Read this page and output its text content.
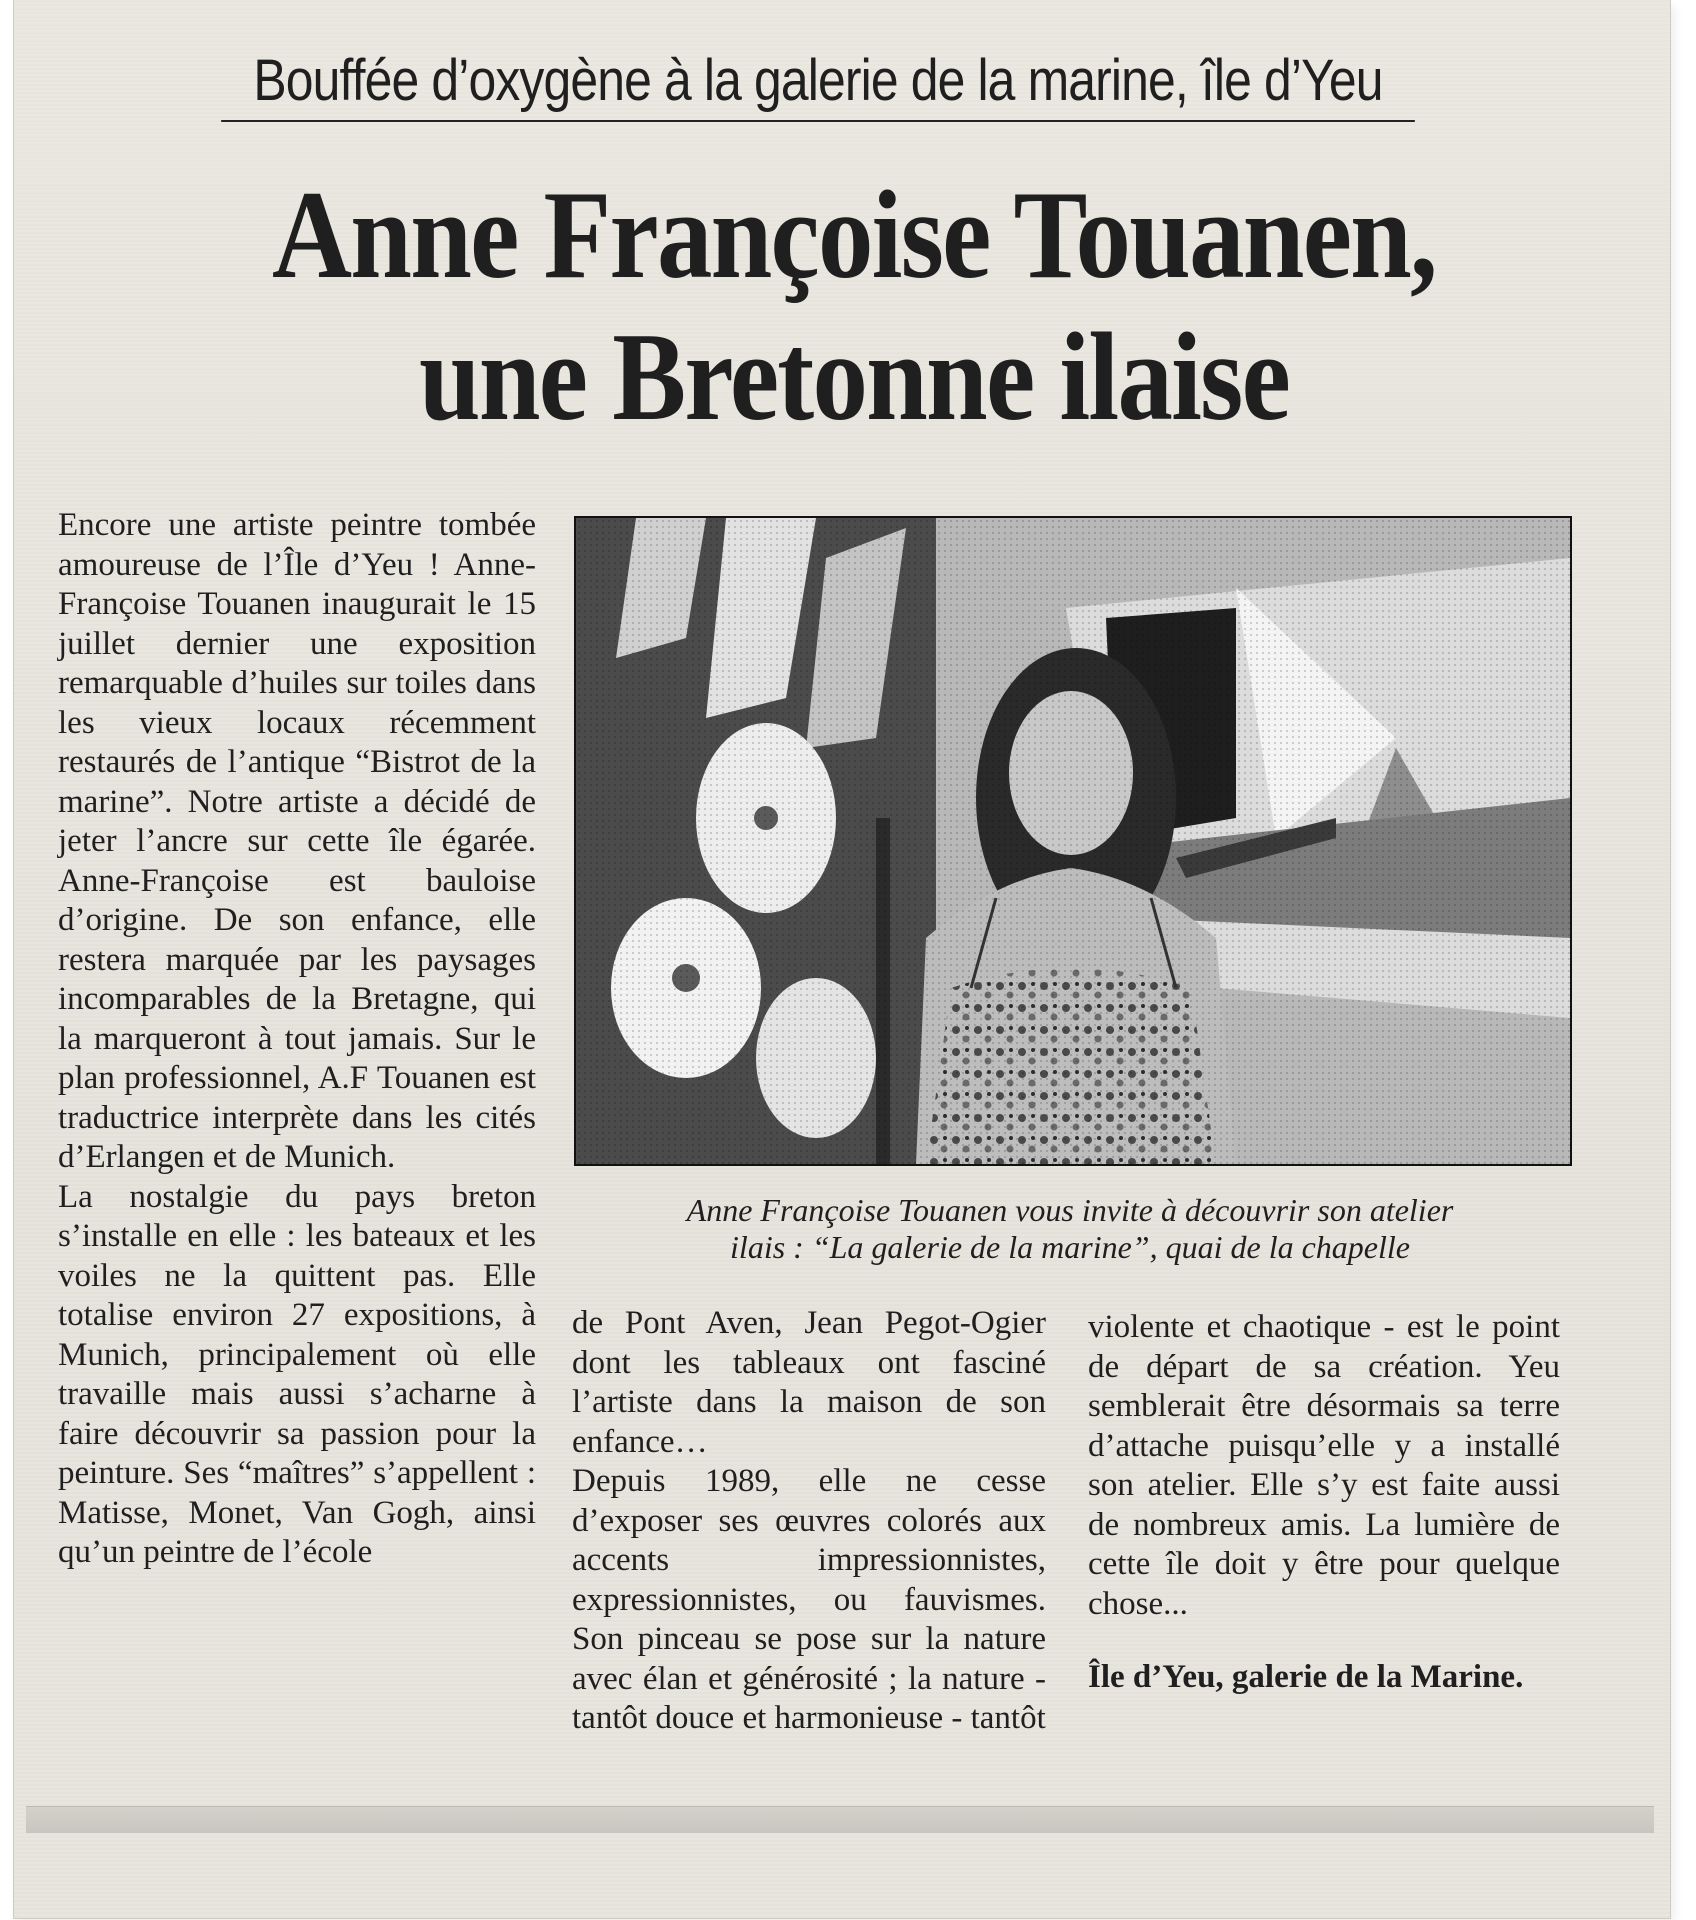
Bouffée d’oxygène à la galerie de la marine, île d’Yeu
Anne Françoise Touanen,
une Bretonne ilaise

Encore une artiste peintre tombée amoureuse de l’Île d’Yeu ! Anne-Françoise Touanen inaugurait le 15 juillet dernier une exposition remarquable d’huiles sur toiles dans les vieux locaux récemment restaurés de l’antique “Bistrot de la marine”. Notre artiste a décidé de jeter l’ancre sur cette île égarée. Anne-Françoise est bauloise d’origine. De son enfance, elle restera marquée par les paysages incomparables de la Bretagne, qui la marqueront à tout jamais. Sur le plan professionnel, A.F Touanen est traductrice interprète dans les cités d’Erlangen et de Munich.

La nostalgie du pays breton s’installe en elle : les bateaux et les voiles ne la quittent pas. Elle totalise environ 27 expositions, à Munich, principalement où elle travaille mais aussi s’acharne à faire découvrir sa passion pour la peinture. Ses “maîtres” s’appellent : Matisse, Monet, Van Gogh, ainsi qu’un peintre de l’école

Anne Françoise Touanen vous invite à découvrir son atelier
ilais : “La galerie de la marine”, quai de la chapelle

de Pont Aven, Jean Pegot-Ogier dont les tableaux ont fasciné l’artiste dans la maison de son enfance…

Depuis 1989, elle ne cesse d’exposer ses œuvres colorés aux accents impressionnistes, expressionnistes, ou fauvismes. Son pinceau se pose sur la nature avec élan et générosité ; la nature - tantôt douce et harmonieuse - tantôt

violente et chaotique - est le point de départ de sa création. Yeu semblerait être désormais sa terre d’attache puisqu’elle y a installé son atelier. Elle s’y est faite aussi de nombreux amis. La lumière de cette île doit y être pour quelque chose...

Île d’Yeu, galerie de la Marine.
